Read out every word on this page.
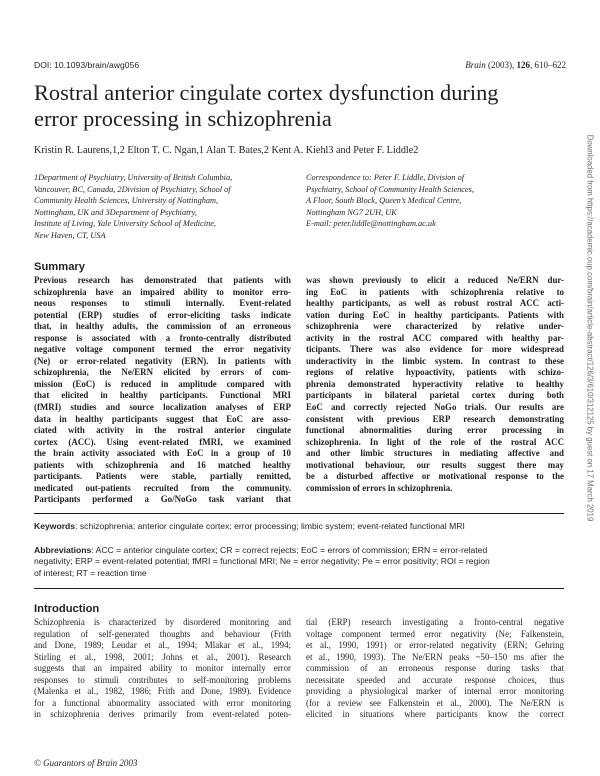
DOI: 10.1093/brain/awg056	Brain (2003), 126, 610–622
Rostral anterior cingulate cortex dysfunction during
error processing in schizophrenia
Kristin R. Laurens,1,2 Elton T. C. Ngan,1 Alan T. Bates,2 Kent A. Kiehl3 and Peter F. Liddle2
1Department of Psychiatry, University of British Columbia,
Vancouver, BC, Canada, 2Division of Psychiatry, School of
Community Health Sciences, University of Nottingham,
Nottingham, UK and 3Department of Psychiatry,
Institute of Living, Yale University School of Medicine,
New Haven, CT, USA
Correspondence to: Peter F. Liddle, Division of
Psychiatry, School of Community Health Sciences,
A Floor, South Block, Queen’s Medical Centre,
Nottingham NG7 2UH, UK
E-mail: peter.liddle@nottingham.ac.uk
Summary
Previous research has demonstrated that patients with
schizophrenia have an impaired ability to monitor erro-
neous responses to stimuli internally. Event-related
potential (ERP) studies of error-eliciting tasks indicate
that, in healthy adults, the commission of an erroneous
response is associated with a fronto-centrally distributed
negative voltage component termed the error negativity
(Ne) or error-related negativity (ERN). In patients with
schizophrenia, the Ne/ERN elicited by errors of com-
mission (EoC) is reduced in amplitude compared with
that elicited in healthy participants. Functional MRI
(fMRI) studies and source localization analyses of ERP
data in healthy participants suggest that EoC are asso-
ciated with activity in the rostral anterior cingulate
cortex (ACC). Using event-related fMRI, we examined
the brain activity associated with EoC in a group of 10
patients with schizophrenia and 16 matched healthy
participants. Patients were stable, partially remitted,
medicated out-patients recruited from the community.
Participants performed a Go/NoGo task variant that
was shown previously to elicit a reduced Ne/ERN dur-
ing EoC in patients with schizophrenia relative to
healthy participants, as well as robust rostral ACC acti-
vation during EoC in healthy participants. Patients with
schizophrenia were characterized by relative under-
activity in the rostral ACC compared with healthy par-
ticipants. There was also evidence for more widespread
underactivity in the limbic system. In contrast to these
regions of relative hypoactivity, patients with schizo-
phrenia demonstrated hyperactivity relative to healthy
participants in bilateral parietal cortex during both
EoC and correctly rejected NoGo trials. Our results are
consistent with previous ERP research demonstrating
functional abnormalities during error processing in
schizophrenia. In light of the role of the rostral ACC
and other limbic structures in mediating affective and
motivational behaviour, our results suggest there may
be a disturbed affective or motivational response to the
commission of errors in schizophrenia.
Keywords: schizophrenia; anterior cingulate cortex; error processing; limbic system; event-related functional MRI
Abbreviations: ACC = anterior cingulate cortex; CR = correct rejects; EoC = errors of commission; ERN = error-related
negativity; ERP = event-related potential; fMRI = functional MRI; Ne = error negativity; Pe = error positivity; ROI = region
of interest; RT = reaction time
Introduction
Schizophrenia is characterized by disordered monitoring and
regulation of self-generated thoughts and behaviour (Frith
and Done, 1989; Leudar et al., 1994; Mlakar et al., 1994;
Stirling et al., 1998, 2001; Johns et al., 2001). Research
suggests that an impaired ability to monitor internally error
responses to stimuli contributes to self-monitoring problems
(Malenka et al., 1982, 1986; Frith and Done, 1989). Evidence
for a functional abnormality associated with error monitoring
in schizophrenia derives primarily from event-related poten-
tial (ERP) research investigating a fronto-central negative
voltage component termed error negativity (Ne; Falkenstein,
et al., 1990, 1991) or error-related negativity (ERN; Gehring
et al., 1990, 1993). The Ne/ERN peaks ~50–150 ms after the
commission of an erroneous response during tasks that
necessitate speeded and accurate response choices, thus
providing a physiological marker of internal error monitoring
(for a review see Falkenstein et al., 2000). The Ne/ERN is
elicited in situations where participants know the correct
© Guarantors of Brain 2003
Downloaded from https://academic.oup.com/brain/article-abstract/126/3/610/312125 by guest on 17 March 2019
